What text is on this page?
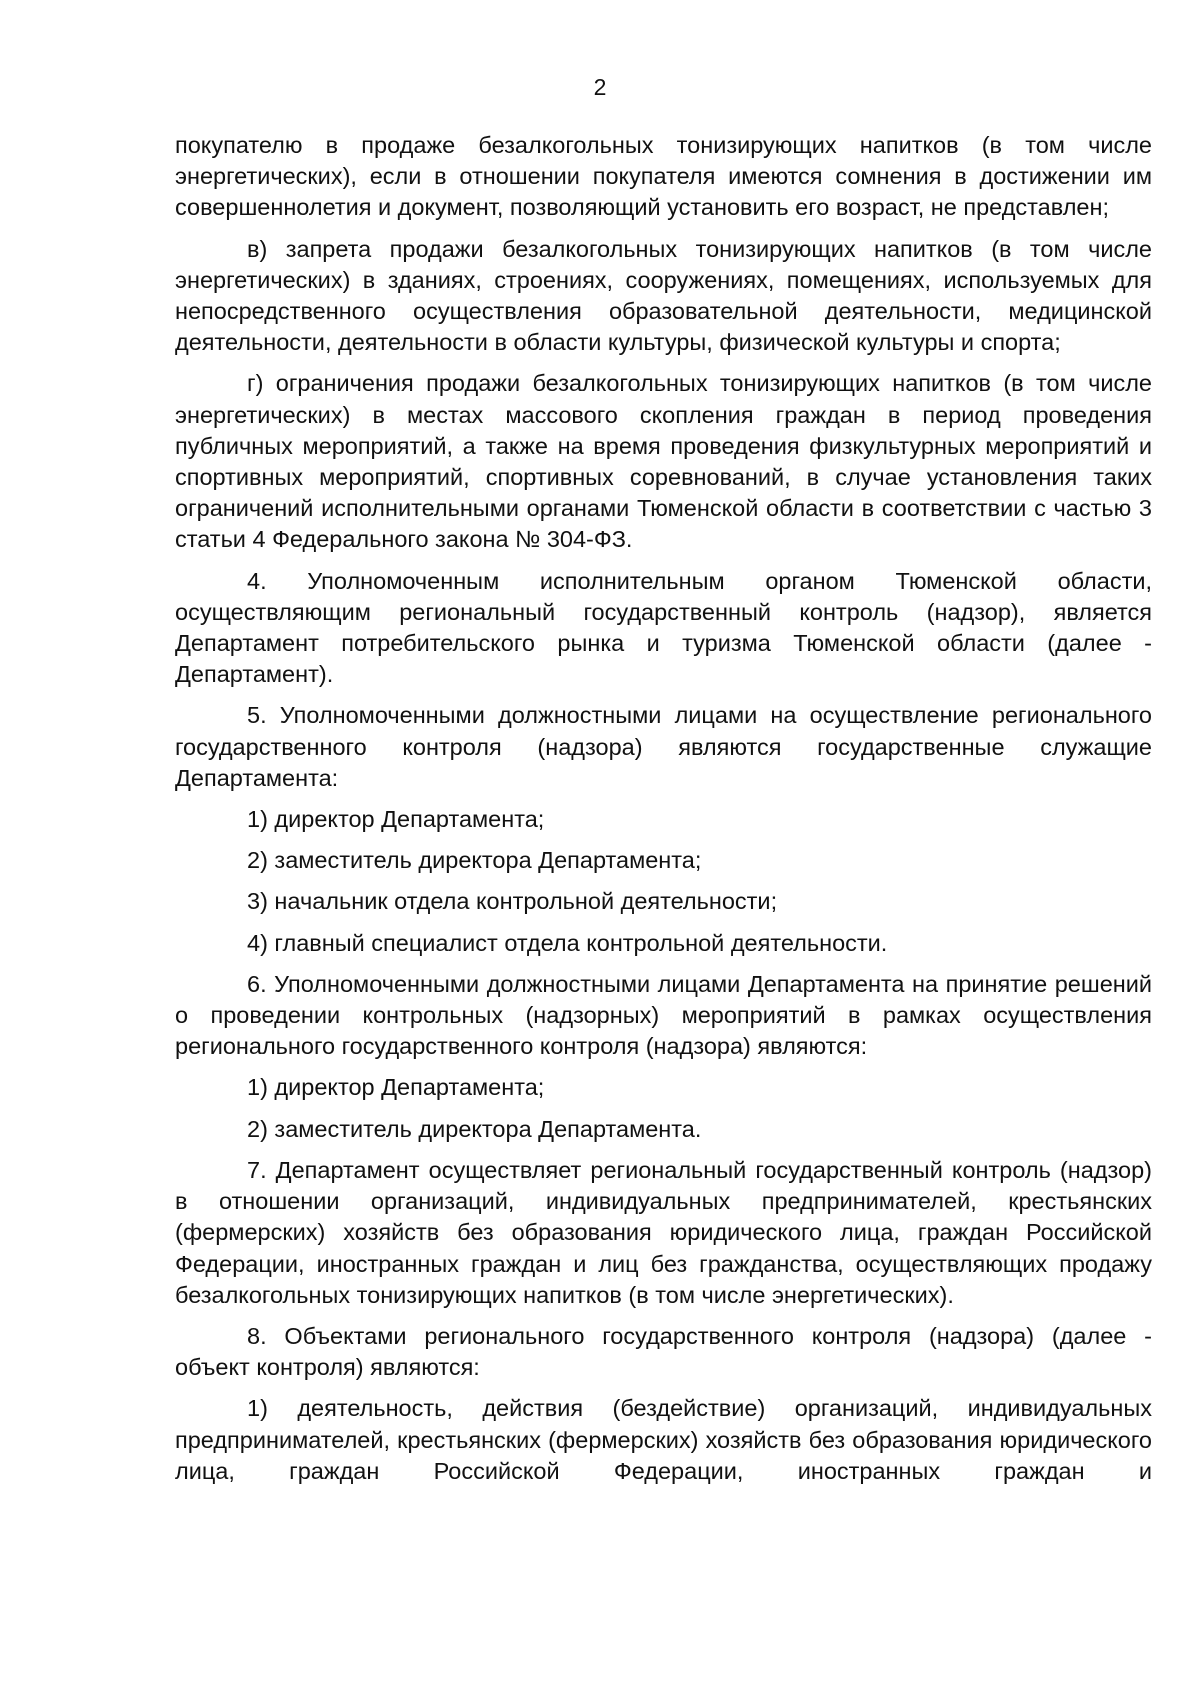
2

покупателю в продаже безалкогольных тонизирующих напитков (в том числе энергетических), если в отношении покупателя имеются сомнения в достижении им совершеннолетия и документ, позволяющий установить его возраст, не представлен;

в) запрета продажи безалкогольных тонизирующих напитков (в том числе энергетических) в зданиях, строениях, сооружениях, помещениях, используемых для непосредственного осуществления образовательной деятельности, медицинской деятельности, деятельности в области культуры, физической культуры и спорта;

г) ограничения продажи безалкогольных тонизирующих напитков (в том числе энергетических) в местах массового скопления граждан в период проведения публичных мероприятий, а также на время проведения физкультурных мероприятий и спортивных мероприятий, спортивных соревнований, в случае установления таких ограничений исполнительными органами Тюменской области в соответствии с частью 3 статьи 4 Федерального закона № 304-ФЗ.

4. Уполномоченным исполнительным органом Тюменской области, осуществляющим региональный государственный контроль (надзор), является Департамент потребительского рынка и туризма Тюменской области (далее - Департамент).

5. Уполномоченными должностными лицами на осуществление регионального государственного контроля (надзора) являются государственные служащие Департамента:

1) директор Департамента;

2) заместитель директора Департамента;

3) начальник отдела контрольной деятельности;

4) главный специалист отдела контрольной деятельности.

6. Уполномоченными должностными лицами Департамента на принятие решений о проведении контрольных (надзорных) мероприятий в рамках осуществления регионального государственного контроля (надзора) являются:

1) директор Департамента;

2) заместитель директора Департамента.

7. Департамент осуществляет региональный государственный контроль (надзор) в отношении организаций, индивидуальных предпринимателей, крестьянских (фермерских) хозяйств без образования юридического лица, граждан Российской Федерации, иностранных граждан и лиц без гражданства, осуществляющих продажу безалкогольных тонизирующих напитков (в том числе энергетических).

8. Объектами регионального государственного контроля (надзора) (далее - объект контроля) являются:

1) деятельность, действия (бездействие) организаций, индивидуальных предпринимателей, крестьянских (фермерских) хозяйств без образования юридического лица, граждан Российской Федерации, иностранных граждан и
